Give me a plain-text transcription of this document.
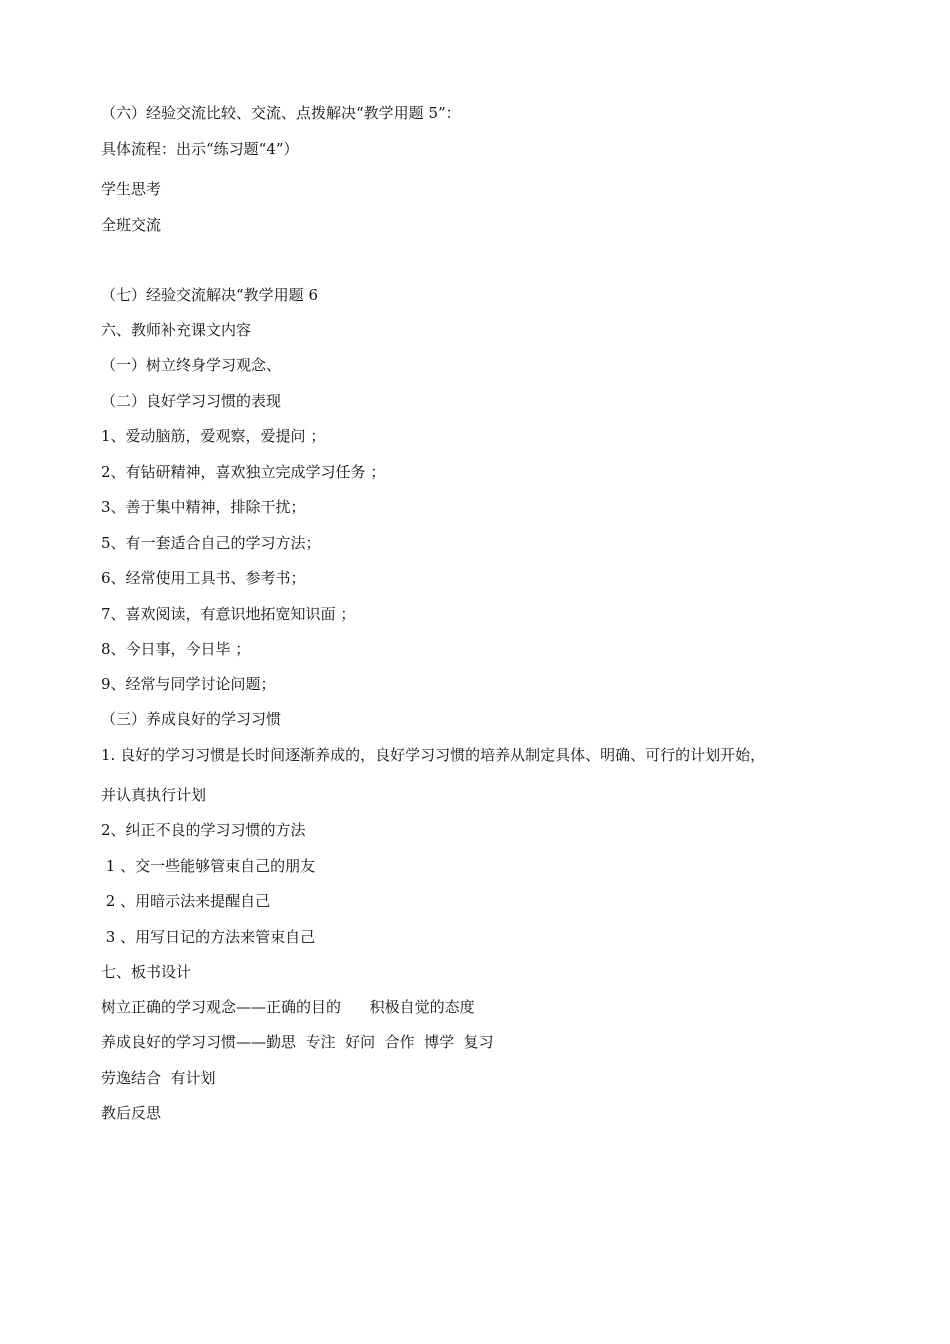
（六）经验交流比较、交流、点拨解决“教学用题 5”：
具体流程：出示“练习题“4”）
学生思考
全班交流
（七）经验交流解决“教学用题 6
六、教师补充课文内容
（一）树立终身学习观念、
（二）良好学习习惯的表现
1、爱动脑筋，爱观察，爱提问 ；
2、有钻研精神，喜欢独立完成学习任务 ；
3、善于集中精神，排除干扰；
5、有一套适合自己的学习方法；
6、经常使用工具书、参考书；
7、喜欢阅读，有意识地拓宽知识面 ；
8、今日事，今日毕 ；
9、经常与同学讨论问题；
（三）养成良好的学习习惯
1. 良好的学习习惯是长时间逐渐养成的，良好学习习惯的培养从制定具体、明确、可行的计划开始，
并认真执行计划
2、纠正不良的学习习惯的方法
1 、交一些能够管束自己的朋友
2 、用暗示法来提醒自己
3 、用写日记的方法来管束自己
七、板书设计
树立正确的学习观念——正确的目的      积极自觉的态度
养成良好的学习习惯——勤思  专注  好问  合作  博学  复习
劳逸结合  有计划
教后反思
